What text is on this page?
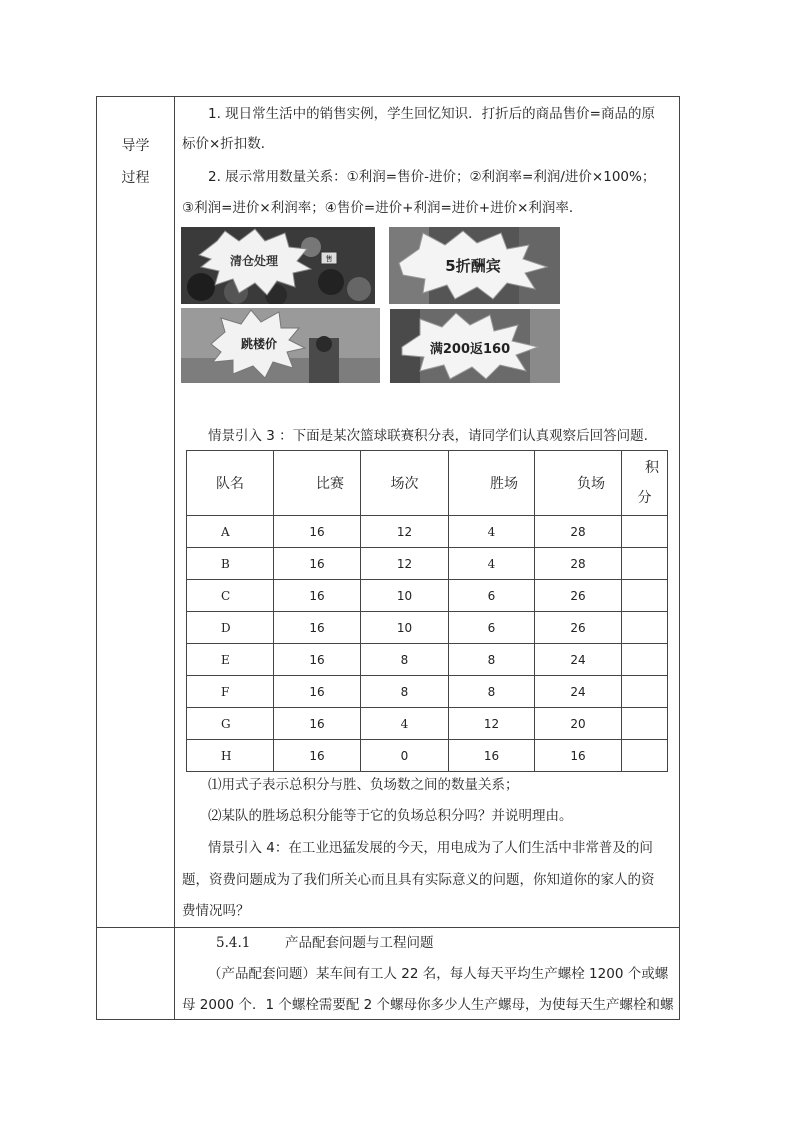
导学
过程
1. 现日常生活中的销售实例，学生回忆知识．打折后的商品售价=商品的原
标价×折扣数．
2. 展示常用数量关系：①利润=售价-进价；②利润率=利润/进价×100%；
③利润=进价×利润率；④售价=进价+利润=进价+进价×利润率．
售
清仓处理	5折酬宾
跳楼价	满200返160
情景引入 3 ：下面是某次篮球联赛积分表，请同学们认真观察后回答问题.
队名	比赛	场次	胜场	负场	积
分

A	16	12	4	28	
B	16	12	4	28	
C	16	10	6	26	
D	16	10	6	26	
E	16	8	8	24	
F	16	8	8	24	
G	16	4	12	20	
H	16	0	16	16	
⑴用式子表示总积分与胜、负场数之间的数量关系；
⑵某队的胜场总积分能等于它的负场总积分吗？并说明理由。
情景引入 4：在工业迅猛发展的今天，用电成为了人们生活中非常普及的问
题，资费问题成为了我们所关心而且具有实际意义的问题，你知道你的家人的资
费情况吗？
5.4.1	产品配套问题与工程问题
（产品配套问题）某车间有工人 22 名，每人每天平均生产螺栓 1200 个或螺
母 2000 个．1 个螺栓需要配 2 个螺母你多少人生产螺母，为使每天生产螺栓和螺
